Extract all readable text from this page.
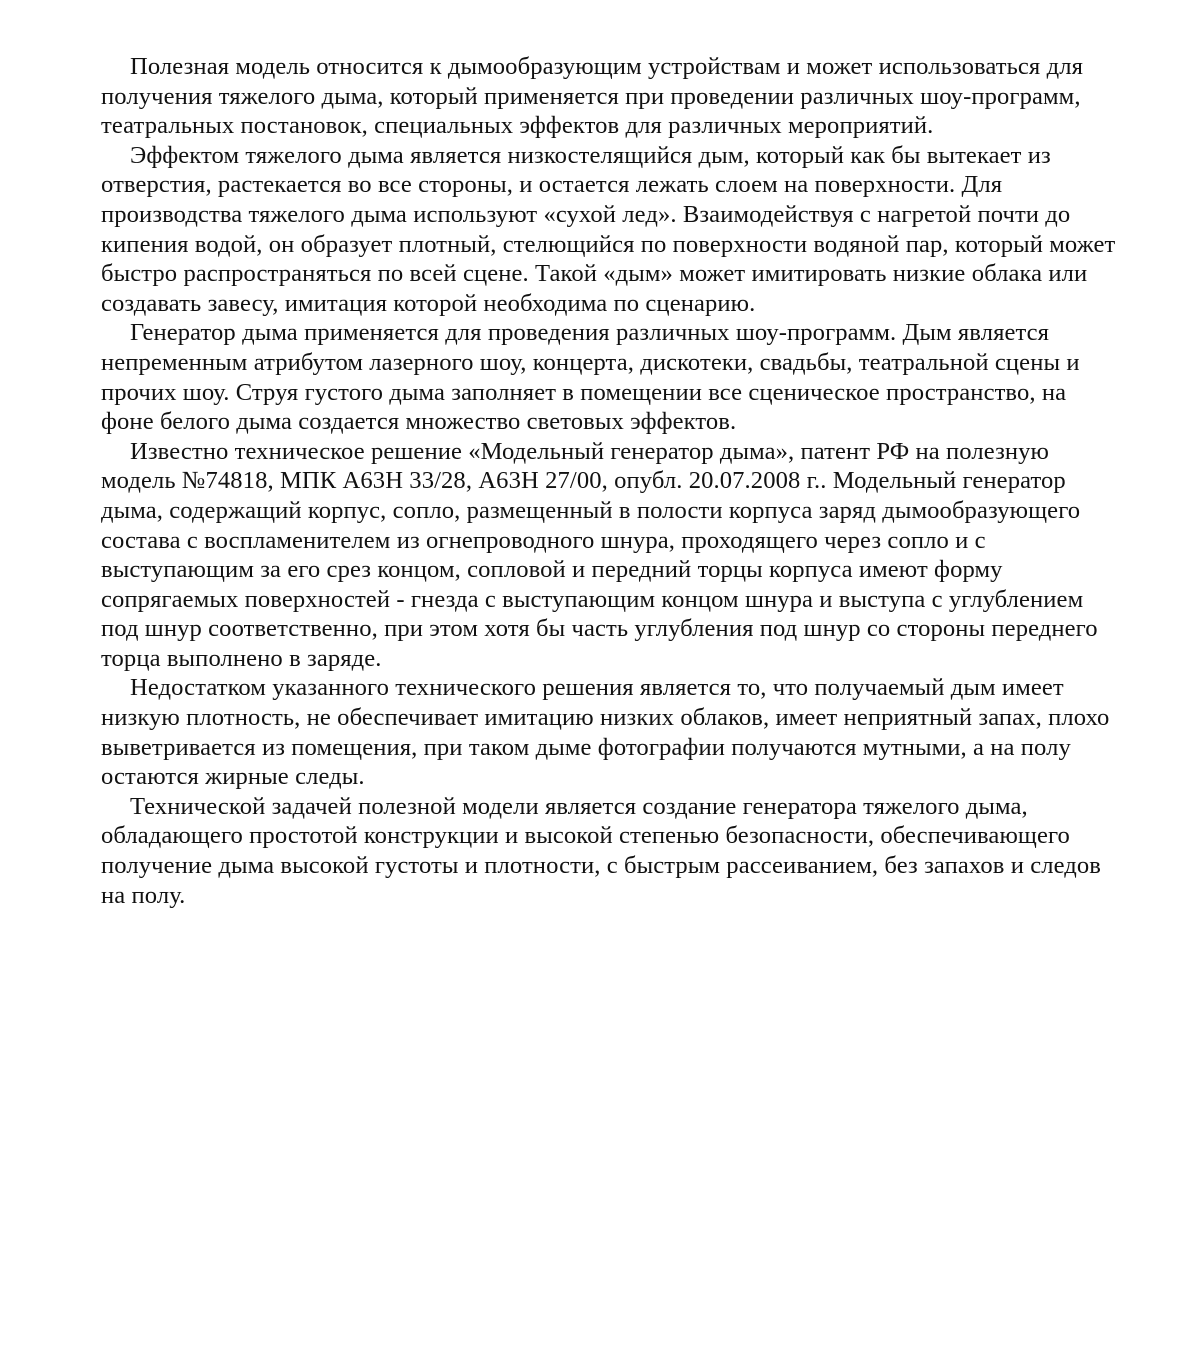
Полезная модель относится к дымообразующим устройствам и может использоваться для получения тяжелого дыма, который применяется при проведении различных шоу-программ, театральных постановок, специальных эффектов для различных мероприятий.

Эффектом тяжелого дыма является низкостелящийся дым, который как бы вытекает из отверстия, растекается во все стороны, и остается лежать слоем на поверхности. Для производства тяжелого дыма используют «сухой лед». Взаимодействуя с нагретой почти до кипения водой, он образует плотный, стелющийся по поверхности водяной пар, который может быстро распространяться по всей сцене. Такой «дым» может имитировать низкие облака или создавать завесу, имитация которой необходима по сценарию.

Генератор дыма применяется для проведения различных шоу-программ. Дым является непременным атрибутом лазерного шоу, концерта, дискотеки, свадьбы, театральной сцены и прочих шоу. Струя густого дыма заполняет в помещении все сценическое пространство, на фоне белого дыма создается множество световых эффектов.

Известно техническое решение «Модельный генератор дыма», патент РФ на полезную модель №74818, МПК А63Н 33/28, А63Н 27/00, опубл. 20.07.2008 г.. Модельный генератор дыма, содержащий корпус, сопло, размещенный в полости корпуса заряд дымообразующего состава с воспламенителем из огнепроводного шнура, проходящего через сопло и с выступающим за его срез концом, сопловой и передний торцы корпуса имеют форму сопрягаемых поверхностей - гнезда с выступающим концом шнура и выступа с углублением под шнур соответственно, при этом хотя бы часть углубления под шнур со стороны переднего торца выполнено в заряде.

Недостатком указанного технического решения является то, что получаемый дым имеет низкую плотность, не обеспечивает имитацию низких облаков, имеет неприятный запах, плохо выветривается из помещения, при таком дыме фотографии получаются мутными, а на полу остаются жирные следы.

Технической задачей полезной модели является создание генератора тяжелого дыма, обладающего простотой конструкции и высокой степенью безопасности, обеспечивающего получение дыма высокой густоты и плотности, с быстрым рассеиванием, без запахов и следов на полу.
